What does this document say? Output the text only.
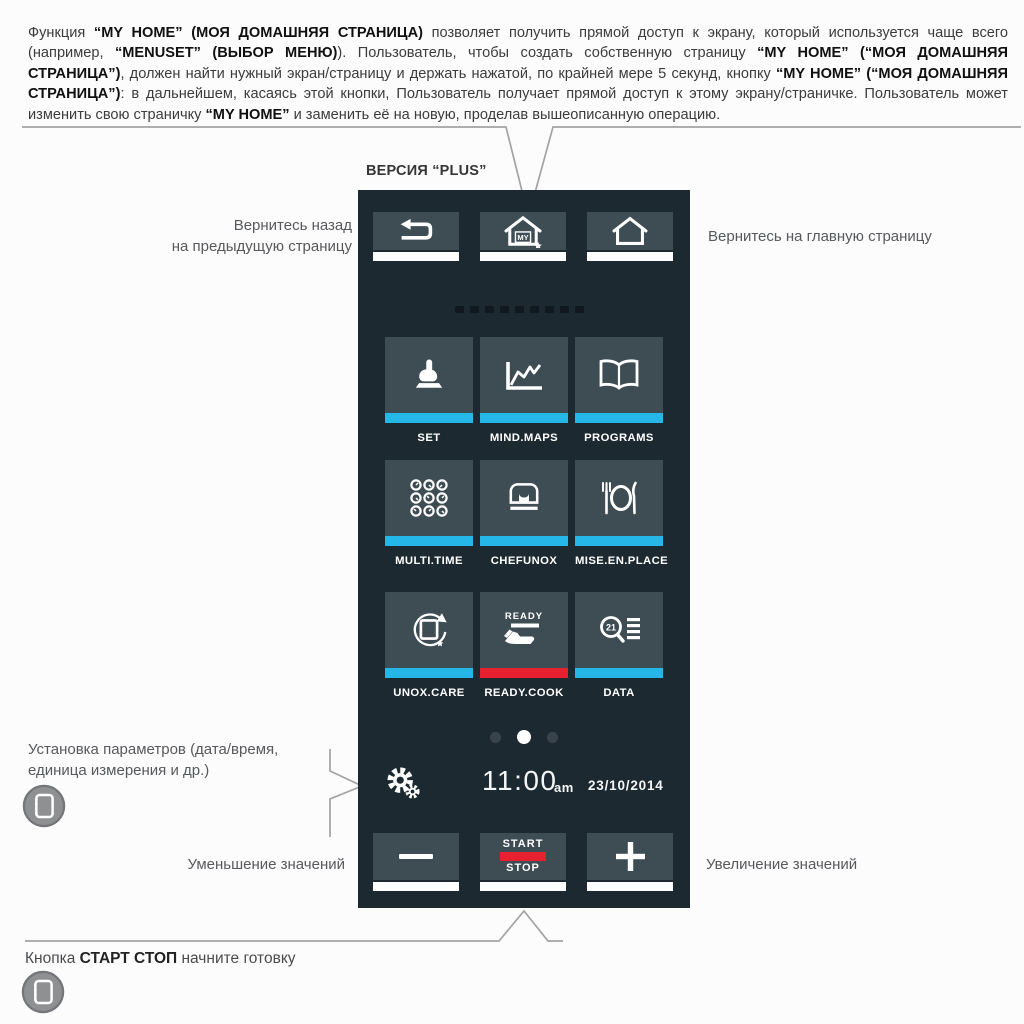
Функция “MY HOME” (МОЯ ДОМАШНЯЯ СТРАНИЦА) позволяет получить прямой доступ к экрану, который используется чаще всего (например, “MENUSET” (ВЫБОР МЕНЮ)). Пользователь, чтобы создать собственную страницу “MY HOME” (“МОЯ ДОМАШНЯЯ СТРАНИЦА”), должен найти нужный экран/страницу и держать нажатой, по крайней мере 5 секунд, кнопку “MY HOME” (“МОЯ ДОМАШНЯЯ СТРАНИЦА”): в дальнейшем, касаясь этой кнопки, Пользователь получает прямой доступ к этому экрану/страничке. Пользователь может изменить свою страничку “MY HOME” и заменить её на новую, проделав вышеописанную операцию.

ВЕРСИЯ “PLUS”
Вернитесь назад
на предыдущую страницу
Вернитесь на главную страницу
Установка параметров (дата/время,
единица измерения и др.)
Уменьшение значений	Увеличение значений
Кнопка СТАРТ СТОП начните готовку
MY
SET	MIND.MAPS	PROGRAMS
MULTI.TIME	CHEFUNOX	MISE.EN.PLACE
UNOX.CARE
READY
READY.COOK
21
DATA
11:00
am 23/10/2014
START
STOP
